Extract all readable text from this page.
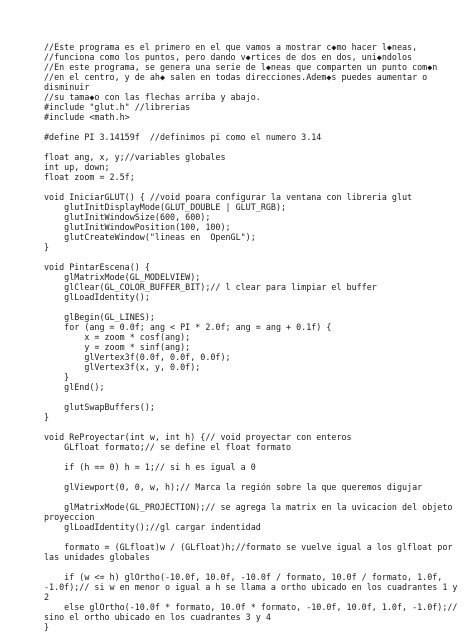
//Este programa es el primero en el que vamos a mostrar c◆mo hacer l◆neas,
//funciona como los puntos, pero dando v◆rtices de dos en dos, uni◆ndolos
//En este programa, se genera una serie de l◆neas que comparten un punto com◆n
//en el centro, y de ah◆ salen en todas direcciones.Adem◆s puedes aumentar o
disminuir
//su tama◆o con las flechas arriba y abajo.
#include "glut.h" //librerias
#include <math.h>
#define PI 3.14159f  //definimos pi como el numero 3.14
float ang, x, y;//variables globales
int up, down;
float zoom = 2.5f;
void IniciarGLUT() { //void poara configurar la ventana con libreria glut
glutInitDisplayMode(GLUT_DOUBLE | GLUT_RGB);
glutInitWindowSize(600, 600);
glutInitWindowPosition(100, 100);
glutCreateWindow("lineas en  OpenGL");
}
void PintarEscena() {
glMatrixMode(GL_MODELVIEW);
glClear(GL_COLOR_BUFFER_BIT);// l clear para limpiar el buffer
glLoadIdentity();
glBegin(GL_LINES);
for (ang = 0.0f; ang < PI * 2.0f; ang = ang + 0.1f) {
x = zoom * cosf(ang);
y = zoom * sinf(ang);
glVertex3f(0.0f, 0.0f, 0.0f);
glVertex3f(x, y, 0.0f);
}
glEnd();
glutSwapBuffers();
}
void ReProyectar(int w, int h) {// void proyectar con enteros
GLfloat formato;// se define el float formato
if (h == 0) h = 1;// si h es igual a 0
glViewport(0, 0, w, h);// Marca la región sobre la que queremos digujar
glMatrixMode(GL_PROJECTION);// se agrega la matrix en la uvicacion del objeto
proyeccion
glLoadIdentity();//gl cargar indentidad
formato = (GLfloat)w / (GLfloat)h;//formato se vuelve igual a los glfloat por
las unidades globales
if (w <= h) glOrtho(-10.0f, 10.0f, -10.0f / formato, 10.0f / formato, 1.0f,
-1.0f);// si w en menor o igual a h se llama a ortho ubicado en los cuadrantes 1 y
2
else glOrtho(-10.0f * formato, 10.0f * formato, -10.0f, 10.0f, 1.0f, -1.0f);//
sino el ortho ubicado en los cuadrantes 3 y 4
}
